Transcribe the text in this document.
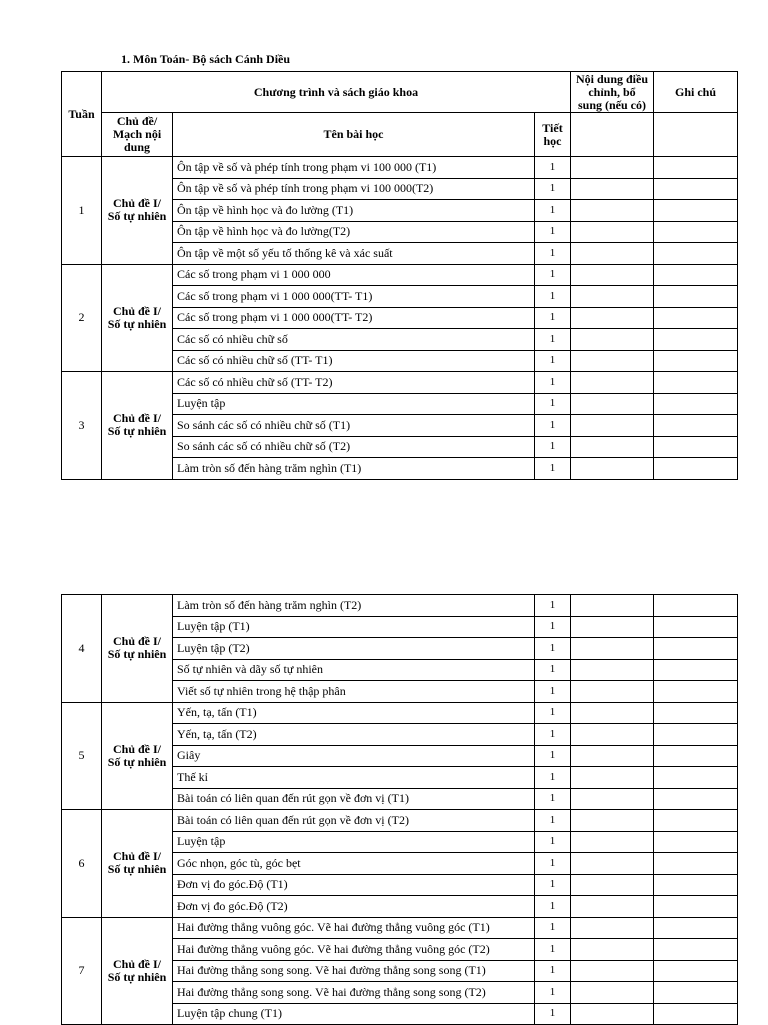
1. Môn Toán- Bộ sách Cánh Diều
Tuần	Chương trình và sách giáo khoa			Nội dung điều chỉnh, bổ sung (nếu có)	Ghi chú
	Chủ đề/ Mạch nội dung	Tên bài học	Tiết học		
1	Chủ đề I/ Số tự nhiên	Ôn tập về số và phép tính trong phạm vi 100 000 (T1)	1		
		Ôn tập về số và phép tính trong phạm vi 100 000(T2)	1		
		Ôn tập về hình học và đo lường (T1)	1		
		Ôn tập về hình học và đo lường(T2)	1		
		Ôn tập về một số yếu tố thống kê và xác suất	1		
2	Chủ đề I/ Số tự nhiên	Các số trong phạm vi 1 000 000	1		
		Các số trong phạm vi 1 000 000(TT- T1)	1		
		Các số trong phạm vi 1 000 000(TT- T2)	1		
		Các số có nhiều chữ số	1		
		Các số có nhiều chữ số (TT- T1)	1		
3	Chủ đề I/ Số tự nhiên	Các số có nhiều chữ số (TT- T2)	1		
		Luyện tập	1		
		So sánh các số có nhiều chữ số (T1)	1		
		So sánh các số có nhiều chữ số (T2)	1		
		Làm tròn số đến hàng trăm nghìn (T1)	1		
4	Chủ đề I/ Số tự nhiên	Làm tròn số đến hàng trăm nghìn (T2)	1		
		Luyện tập (T1)	1		
		Luyện tập (T2)	1		
		Số tự nhiên và dãy số tự nhiên	1		
		Viết số tự nhiên trong hệ thập phân	1		
5	Chủ đề I/ Số tự nhiên	Yến, tạ, tấn (T1)	1		
		Yến, tạ, tấn (T2)	1		
		Giây	1		
		Thế kỉ	1		
		Bài toán có liên quan đến rút gọn về đơn vị (T1)	1		
6	Chủ đề I/ Số tự nhiên	Bài toán có liên quan đến rút gọn về đơn vị (T2)	1		
		Luyện tập	1		
		Góc nhọn, góc tù, góc bẹt	1		
		Đơn vị đo góc.Độ (T1)	1		
		Đơn vị đo góc.Độ (T2)	1		
7	Chủ đề I/ Số tự nhiên	Hai đường thẳng vuông góc. Vẽ hai đường thẳng vuông góc (T1)	1		
		Hai đường thẳng vuông góc. Vẽ hai đường thẳng vuông góc (T2)	1		
		Hai đường thẳng song song. Vẽ hai đường thẳng song song (T1)	1		
		Hai đường thẳng song song. Vẽ hai đường thẳng song song (T2)	1		
		Luyện tập chung (T1)	1		
